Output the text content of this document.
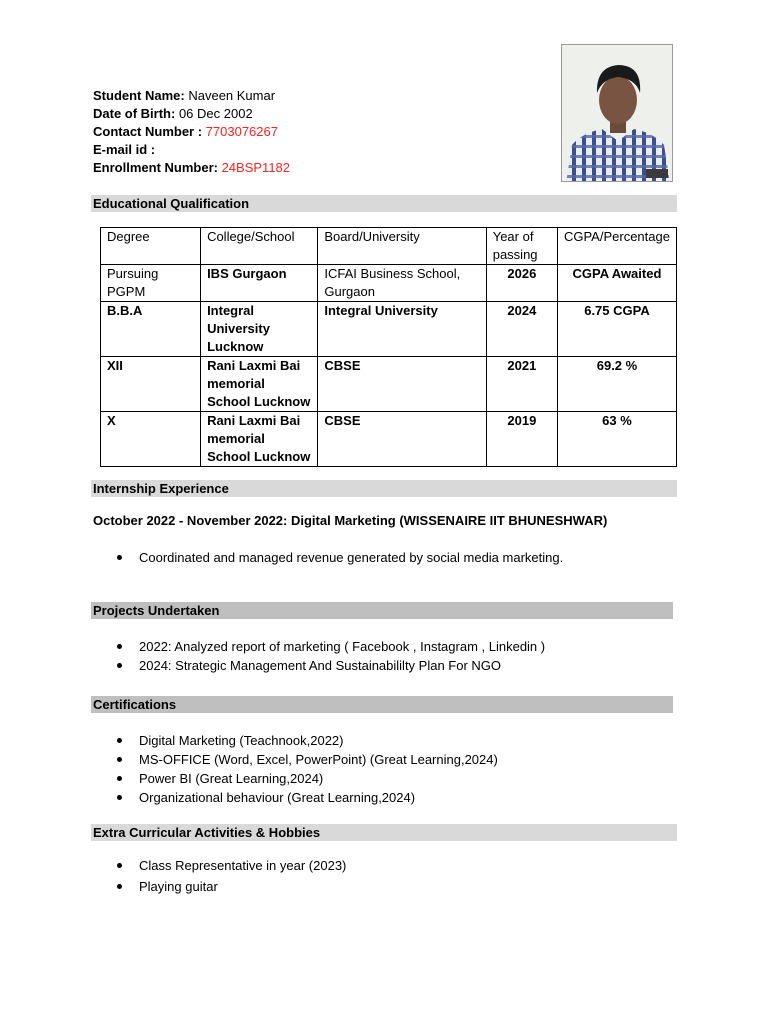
Student Name: Naveen Kumar
Date of Birth: 06 Dec 2002
Contact Number : 7703076267
E-mail id :
Enrollment Number: 24BSP1182
Educational Qualification
Degree	College/School	Board/University	Year of passing	CGPA/Percentage
Pursuing PGPM	IBS Gurgaon	ICFAI Business School, Gurgaon	2026	CGPA Awaited
B.B.A	Integral University Lucknow	Integral University	2024	6.75 CGPA
XII	Rani Laxmi Bai memorial School Lucknow	CBSE	2021	69.2 %
X	Rani Laxmi Bai memorial School Lucknow	CBSE	2019	63 %
Internship Experience
October 2022 - November 2022: Digital Marketing (WISSENAIRE IIT BHUNESHWAR)
Coordinated and managed revenue generated by social media marketing.
Projects Undertaken
2022: Analyzed report of marketing ( Facebook , Instagram , Linkedin )
2024: Strategic Management And Sustainabililty Plan For NGO
Certifications
Digital Marketing (Teachnook,2022)
MS-OFFICE (Word, Excel, PowerPoint) (Great Learning,2024)
Power BI (Great Learning,2024)
Organizational behaviour (Great Learning,2024)
Extra Curricular Activities & Hobbies
Class Representative in year (2023)
Playing guitar
